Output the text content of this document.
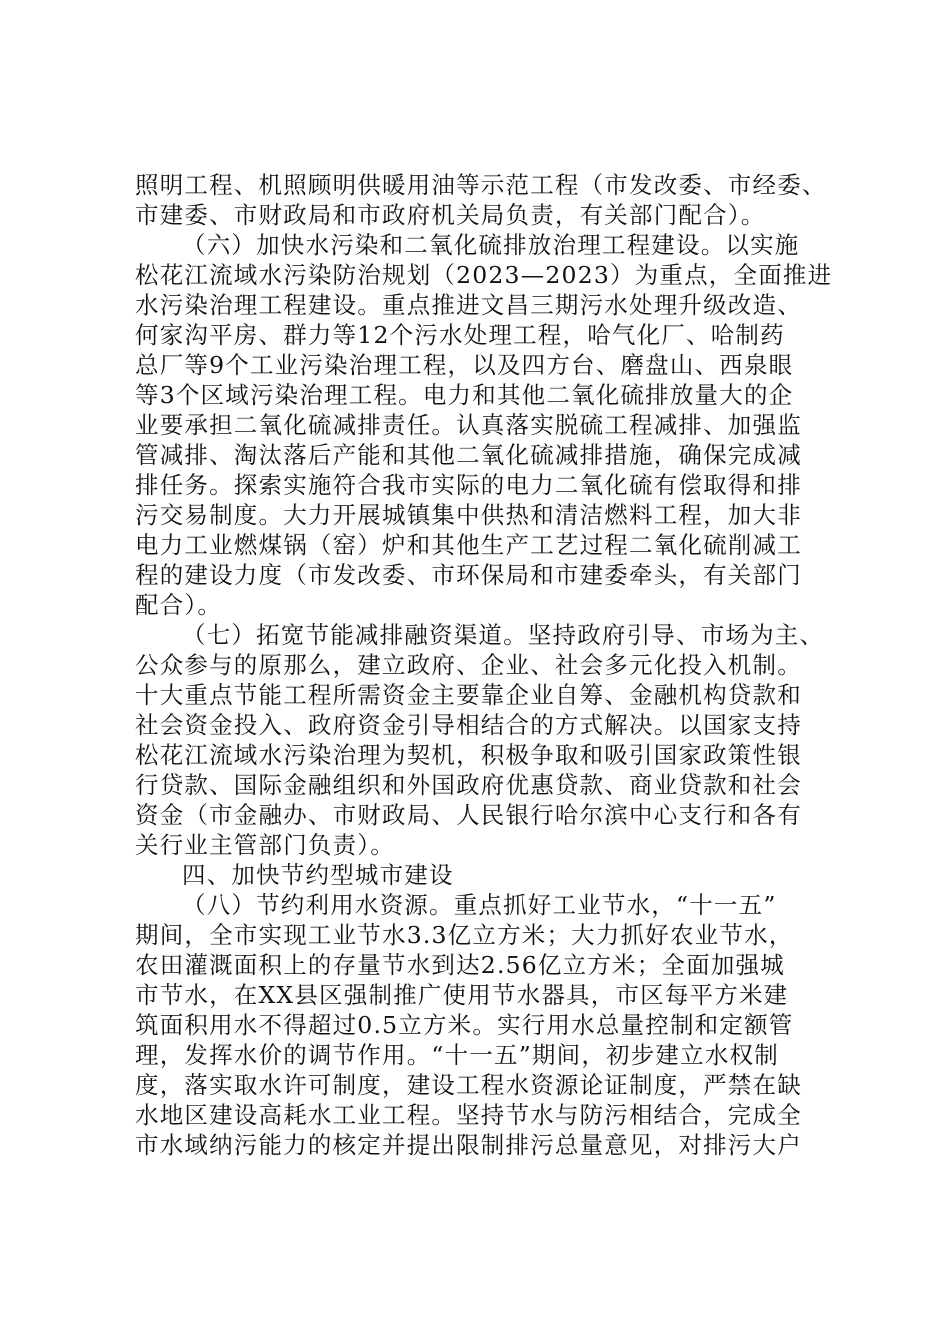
照明工程、机照顾明供暖用油等示范工程（市发改委、市经委、
市建委、市财政局和市政府机关局负责，有关部门配合）。
（六）加快水污染和二氧化硫排放治理工程建设。以实施
松花江流域水污染防治规划（2023—2023）为重点，全面推进
水污染治理工程建设。重点推进文昌三期污水处理升级改造、
何家沟平房、群力等12个污水处理工程，哈气化厂、哈制药
总厂等9个工业污染治理工程，以及四方台、磨盘山、西泉眼
等3个区域污染治理工程。电力和其他二氧化硫排放量大的企
业要承担二氧化硫减排责任。认真落实脱硫工程减排、加强监
管减排、淘汰落后产能和其他二氧化硫减排措施，确保完成减
排任务。探索实施符合我市实际的电力二氧化硫有偿取得和排
污交易制度。大力开展城镇集中供热和清洁燃料工程，加大非
电力工业燃煤锅（窑）炉和其他生产工艺过程二氧化硫削减工
程的建设力度（市发改委、市环保局和市建委牵头，有关部门
配合）。
（七）拓宽节能减排融资渠道。坚持政府引导、市场为主、
公众参与的原那么，建立政府、企业、社会多元化投入机制。
十大重点节能工程所需资金主要靠企业自筹、金融机构贷款和
社会资金投入、政府资金引导相结合的方式解决。以国家支持
松花江流域水污染治理为契机，积极争取和吸引国家政策性银
行贷款、国际金融组织和外国政府优惠贷款、商业贷款和社会
资金（市金融办、市财政局、人民银行哈尔滨中心支行和各有
关行业主管部门负责）。
四、加快节约型城市建设
（八）节约利用水资源。重点抓好工业节水，“十一五”
期间，全市实现工业节水3.3亿立方米；大力抓好农业节水，
农田灌溉面积上的存量节水到达2.56亿立方米；全面加强城
市节水，在XX县区强制推广使用节水器具，市区每平方米建
筑面积用水不得超过0.5立方米。实行用水总量控制和定额管
理，发挥水价的调节作用。“十一五”期间，初步建立水权制
度，落实取水许可制度，建设工程水资源论证制度，严禁在缺
水地区建设高耗水工业工程。坚持节水与防污相结合，完成全
市水域纳污能力的核定并提出限制排污总量意见，对排污大户
